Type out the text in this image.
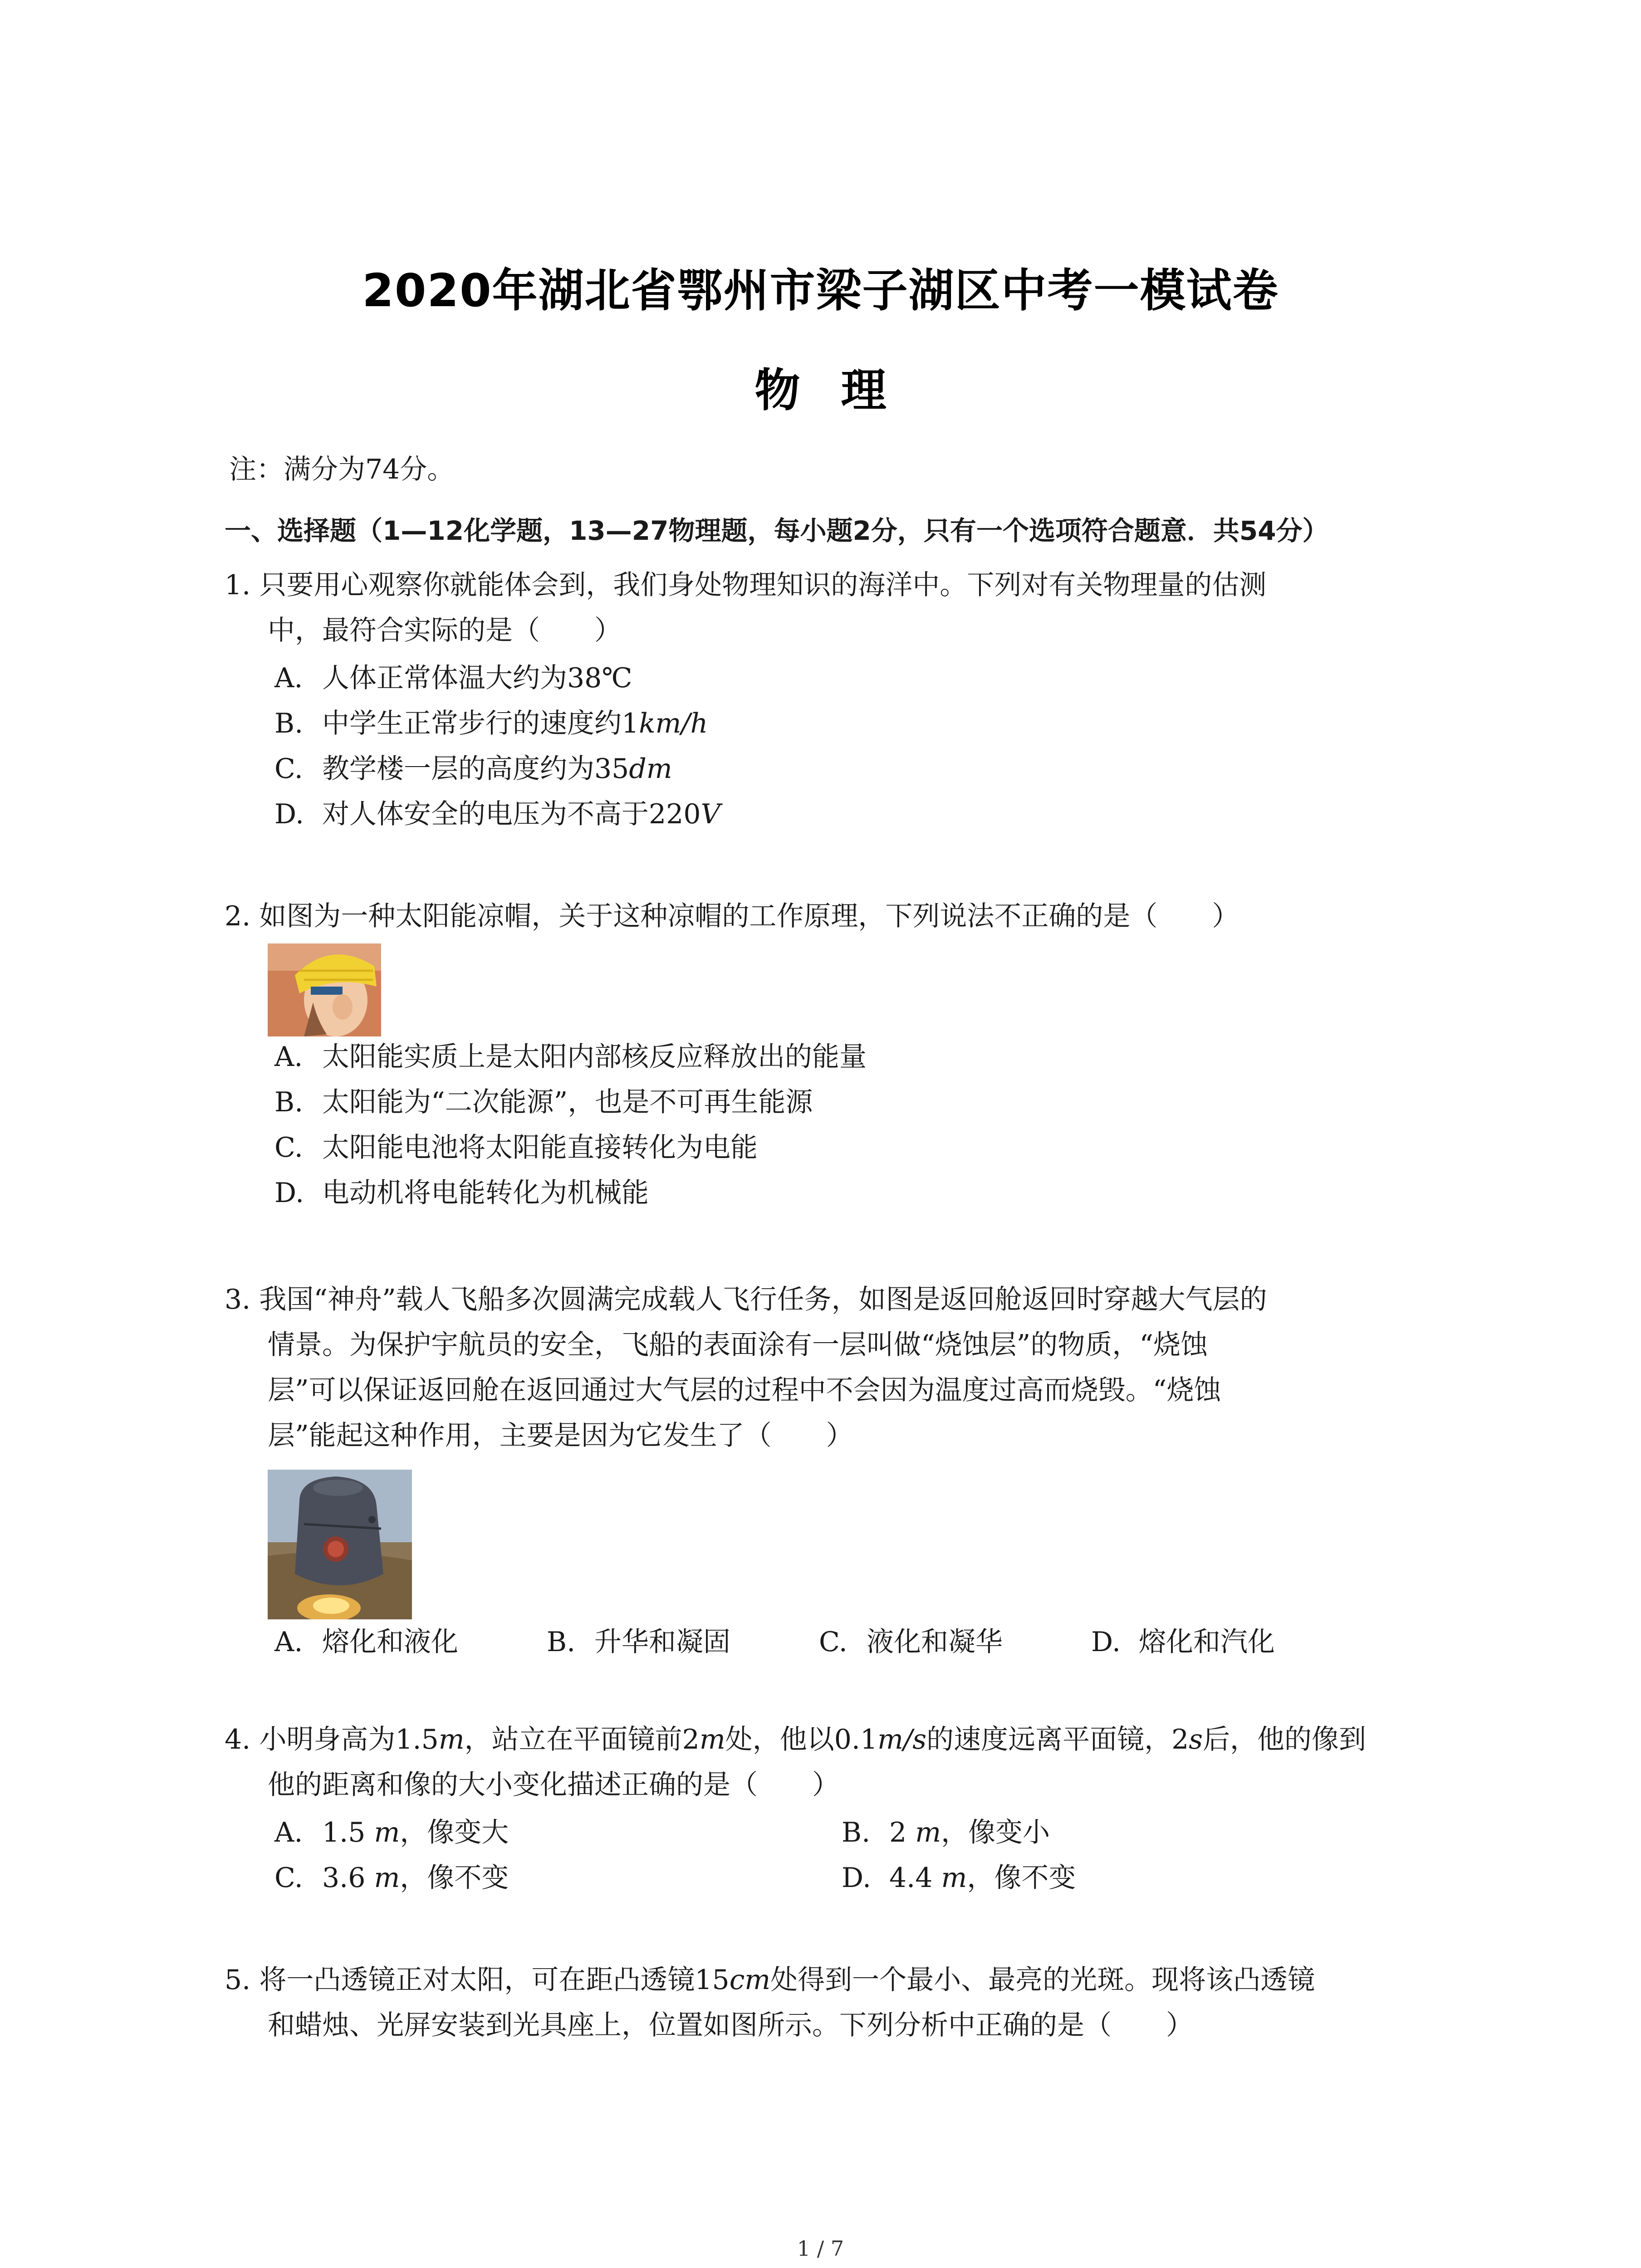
2020年湖北省鄂州市梁子湖区中考一模试卷
物理
注：满分为74分。
一、选择题（1—12化学题，13—27物理题，每小题2分，只有一个选项符合题意．共54分）
1. 只要用心观察你就能体会到，我们身处物理知识的海洋中。下列对有关物理量的估测
中，最符合实际的是（　　）
A. 人体正常体温大约为38℃
B. 中学生正常步行的速度约1km/h
C. 教学楼一层的高度约为35dm
D. 对人体安全的电压为不高于220V
2. 如图为一种太阳能凉帽，关于这种凉帽的工作原理，下列说法不正确的是（　　）
A. 太阳能实质上是太阳内部核反应释放出的能量
B. 太阳能为“二次能源”，也是不可再生能源
C. 太阳能电池将太阳能直接转化为电能
D. 电动机将电能转化为机械能
3. 我国“神舟”载人飞船多次圆满完成载人飞行任务，如图是返回舱返回时穿越大气层的
情景。为保护宇航员的安全，飞船的表面涂有一层叫做“烧蚀层”的物质，“烧蚀
层”可以保证返回舱在返回通过大气层的过程中不会因为温度过高而烧毁。“烧蚀
层”能起这种作用，主要是因为它发生了（　　）
A. 熔化和液化	B. 升华和凝固	C. 液化和凝华	D. 熔化和汽化
4. 小明身高为1.5m，站立在平面镜前2m处，他以0.1m/s的速度远离平面镜，2s后，他的像到
他的距离和像的大小变化描述正确的是（　　）
A. 1.5 m，像变大	B. 2 m，像变小
C. 3.6 m，像不变	D. 4.4 m，像不变
5. 将一凸透镜正对太阳，可在距凸透镜15cm处得到一个最小、最亮的光斑。现将该凸透镜
和蜡烛、光屏安装到光具座上，位置如图所示。下列分析中正确的是（　　）
1 / 7
